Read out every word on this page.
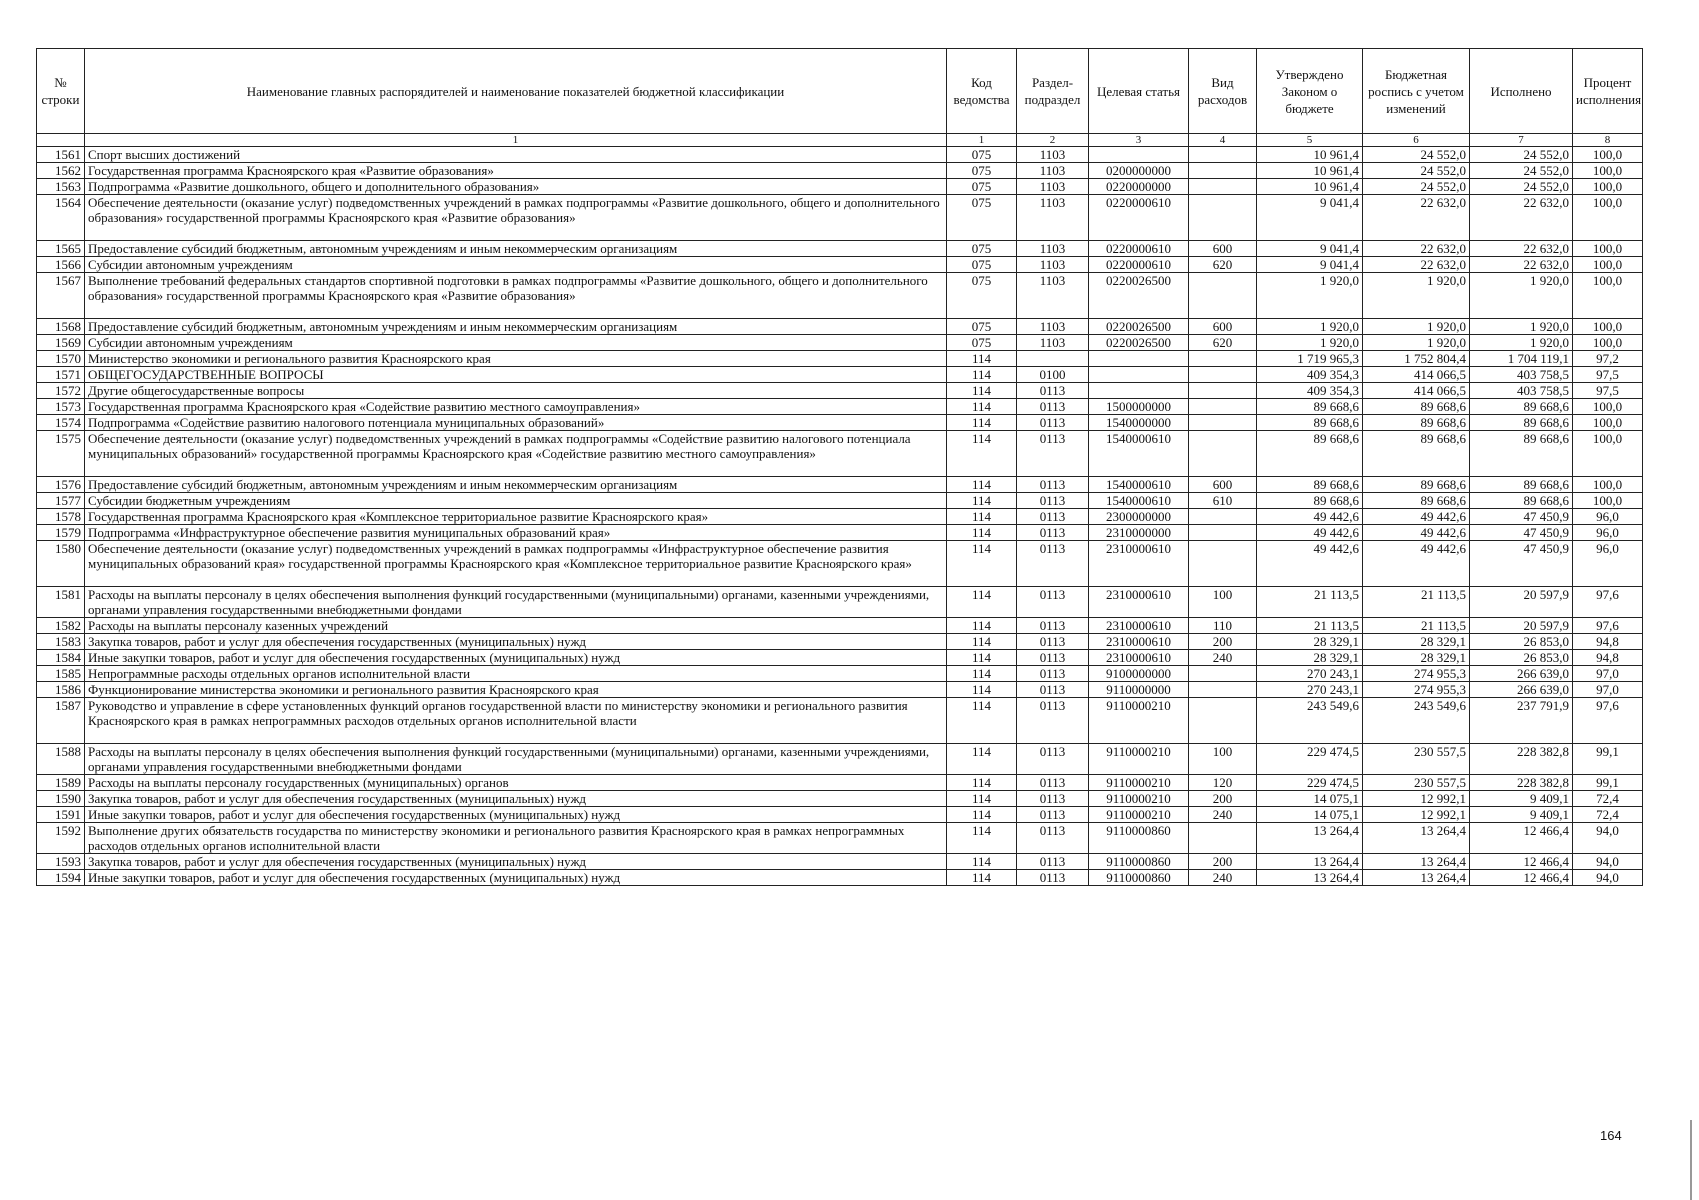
№ строки	Наименование главных распорядителей и наименование показателей бюджетной классификации	Код ведомства	Раздел-подраздел	Целевая статья	Вид расходов	Утверждено Законом о бюджете	Бюджетная роспись с учетом изменений	Исполнено	Процент исполнения
	1	1	2	3	4	5	6	7	8
1561	Спорт высших достижений	075	1103			10 961,4	24 552,0	24 552,0	100,0
1562	Государственная программа Красноярского края «Развитие образования»	075	1103	0200000000		10 961,4	24 552,0	24 552,0	100,0
1563	Подпрограмма «Развитие дошкольного, общего и дополнительного образования»	075	1103	0220000000		10 961,4	24 552,0	24 552,0	100,0
1564	Обеспечение деятельности (оказание услуг) подведомственных учреждений в рамках подпрограммы «Развитие дошкольного, общего и дополнительного образования» государственной программы Красноярского края «Развитие образования»	075	1103	0220000610		9 041,4	22 632,0	22 632,0	100,0
1565	Предоставление субсидий бюджетным, автономным учреждениям и иным некоммерческим организациям	075	1103	0220000610	600	9 041,4	22 632,0	22 632,0	100,0
1566	Субсидии автономным учреждениям	075	1103	0220000610	620	9 041,4	22 632,0	22 632,0	100,0
1567	Выполнение требований федеральных стандартов спортивной подготовки в рамках подпрограммы «Развитие дошкольного, общего и дополнительного образования» государственной программы Красноярского края «Развитие образования»	075	1103	0220026500		1 920,0	1 920,0	1 920,0	100,0
1568	Предоставление субсидий бюджетным, автономным учреждениям и иным некоммерческим организациям	075	1103	0220026500	600	1 920,0	1 920,0	1 920,0	100,0
1569	Субсидии автономным учреждениям	075	1103	0220026500	620	1 920,0	1 920,0	1 920,0	100,0
1570	Министерство экономики и регионального развития Красноярского края	114				1 719 965,3	1 752 804,4	1 704 119,1	97,2
1571	ОБЩЕГОСУДАРСТВЕННЫЕ ВОПРОСЫ	114	0100			409 354,3	414 066,5	403 758,5	97,5
1572	Другие общегосударственные вопросы	114	0113			409 354,3	414 066,5	403 758,5	97,5
1573	Государственная программа Красноярского края «Содействие развитию местного самоуправления»	114	0113	1500000000		89 668,6	89 668,6	89 668,6	100,0
1574	Подпрограмма «Содействие развитию налогового потенциала муниципальных образований»	114	0113	1540000000		89 668,6	89 668,6	89 668,6	100,0
1575	Обеспечение деятельности (оказание услуг) подведомственных учреждений в рамках подпрограммы «Содействие развитию налогового потенциала муниципальных образований» государственной программы Красноярского края «Содействие развитию местного самоуправления»	114	0113	1540000610		89 668,6	89 668,6	89 668,6	100,0
1576	Предоставление субсидий бюджетным, автономным учреждениям и иным некоммерческим организациям	114	0113	1540000610	600	89 668,6	89 668,6	89 668,6	100,0
1577	Субсидии бюджетным учреждениям	114	0113	1540000610	610	89 668,6	89 668,6	89 668,6	100,0
1578	Государственная программа Красноярского края «Комплексное территориальное развитие Красноярского края»	114	0113	2300000000		49 442,6	49 442,6	47 450,9	96,0
1579	Подпрограмма «Инфраструктурное обеспечение развития муниципальных образований края»	114	0113	2310000000		49 442,6	49 442,6	47 450,9	96,0
1580	Обеспечение деятельности (оказание услуг) подведомственных учреждений в рамках подпрограммы «Инфраструктурное обеспечение развития муниципальных образований края» государственной программы Красноярского края «Комплексное территориальное развитие Красноярского края»	114	0113	2310000610		49 442,6	49 442,6	47 450,9	96,0
1581	Расходы на выплаты персоналу в целях обеспечения выполнения функций государственными (муниципальными) органами, казенными учреждениями, органами управления государственными внебюджетными фондами	114	0113	2310000610	100	21 113,5	21 113,5	20 597,9	97,6
1582	Расходы на выплаты персоналу казенных учреждений	114	0113	2310000610	110	21 113,5	21 113,5	20 597,9	97,6
1583	Закупка товаров, работ и услуг для обеспечения государственных (муниципальных) нужд	114	0113	2310000610	200	28 329,1	28 329,1	26 853,0	94,8
1584	Иные закупки товаров, работ и услуг для обеспечения государственных (муниципальных) нужд	114	0113	2310000610	240	28 329,1	28 329,1	26 853,0	94,8
1585	Непрограммные расходы отдельных органов исполнительной власти	114	0113	9100000000		270 243,1	274 955,3	266 639,0	97,0
1586	Функционирование министерства экономики и регионального развития Красноярского края	114	0113	9110000000		270 243,1	274 955,3	266 639,0	97,0
1587	Руководство и управление в сфере установленных функций органов государственной власти по министерству экономики и регионального развития Красноярского края в рамках непрограммных расходов отдельных органов исполнительной власти	114	0113	9110000210		243 549,6	243 549,6	237 791,9	97,6
1588	Расходы на выплаты персоналу в целях обеспечения выполнения функций государственными (муниципальными) органами, казенными учреждениями, органами управления государственными внебюджетными фондами	114	0113	9110000210	100	229 474,5	230 557,5	228 382,8	99,1
1589	Расходы на выплаты персоналу государственных (муниципальных) органов	114	0113	9110000210	120	229 474,5	230 557,5	228 382,8	99,1
1590	Закупка товаров, работ и услуг для обеспечения государственных (муниципальных) нужд	114	0113	9110000210	200	14 075,1	12 992,1	9 409,1	72,4
1591	Иные закупки товаров, работ и услуг для обеспечения государственных (муниципальных) нужд	114	0113	9110000210	240	14 075,1	12 992,1	9 409,1	72,4
1592	Выполнение других обязательств государства по министерству экономики и регионального развития Красноярского края в рамках непрограммных расходов отдельных органов исполнительной власти	114	0113	9110000860		13 264,4	13 264,4	12 466,4	94,0
1593	Закупка товаров, работ и услуг для обеспечения государственных (муниципальных) нужд	114	0113	9110000860	200	13 264,4	13 264,4	12 466,4	94,0
1594	Иные закупки товаров, работ и услуг для обеспечения государственных (муниципальных) нужд	114	0113	9110000860	240	13 264,4	13 264,4	12 466,4	94,0
164
